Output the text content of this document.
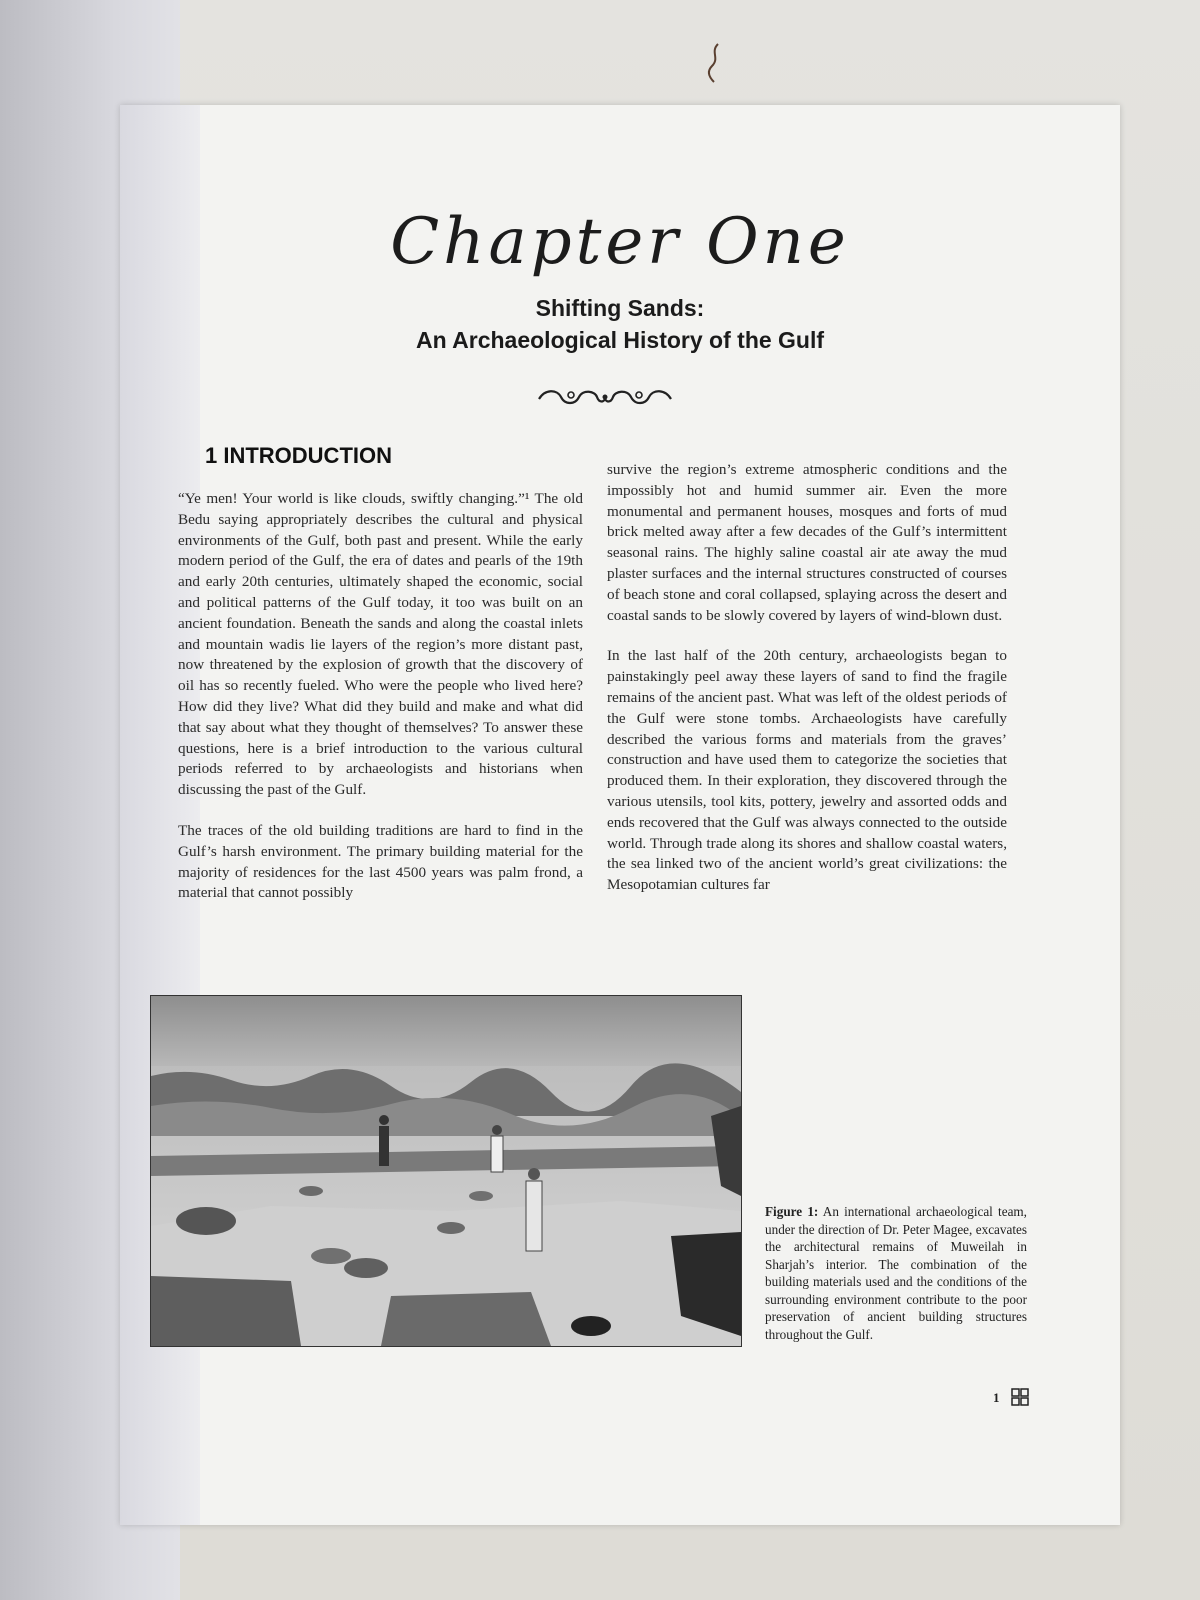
Chapter One
Shifting Sands:
An Archaeological History of the Gulf
1 INTRODUCTION

“Ye men! Your world is like clouds, swiftly changing.”¹ The old Bedu saying appropriately describes the cultural and physical environments of the Gulf, both past and present. While the early modern period of the Gulf, the era of dates and pearls of the 19th and early 20th centuries, ultimately shaped the economic, social and political patterns of the Gulf today, it too was built on an ancient foundation. Beneath the sands and along the coastal inlets and mountain wadis lie layers of the region’s more distant past, now threatened by the explosion of growth that the discovery of oil has so recently fueled. Who were the people who lived here? How did they live? What did they build and make and what did that say about what they thought of themselves? To answer these questions, here is a brief introduction to the various cultural periods referred to by archaeologists and historians when discussing the past of the Gulf.

The traces of the old building traditions are hard to find in the Gulf’s harsh environment. The primary building material for the majority of residences for the last 4500 years was palm frond, a material that cannot possibly

survive the region’s extreme atmospheric conditions and the impossibly hot and humid summer air. Even the more monumental and permanent houses, mosques and forts of mud brick melted away after a few decades of the Gulf’s intermittent seasonal rains. The highly saline coastal air ate away the mud plaster surfaces and the internal structures constructed of courses of beach stone and coral collapsed, splaying across the desert and coastal sands to be slowly covered by layers of wind-blown dust.

In the last half of the 20th century, archaeologists began to painstakingly peel away these layers of sand to find the fragile remains of the ancient past. What was left of the oldest periods of the Gulf were stone tombs. Archaeologists have carefully described the various forms and materials from the graves’ construction and have used them to categorize the societies that produced them. In their exploration, they discovered through the various utensils, tool kits, pottery, jewelry and assorted odds and ends recovered that the Gulf was always connected to the outside world. Through trade along its shores and shallow coastal waters, the sea linked two of the ancient world’s great civilizations: the Mesopotamian cultures far

Figure 1: An international archaeological team, under the direction of Dr. Peter Magee, excavates the architectural remains of Muweilah in Sharjah’s interior. The combination of the building materials used and the conditions of the surrounding environment contribute to the poor preservation of ancient building structures throughout the Gulf.
1
